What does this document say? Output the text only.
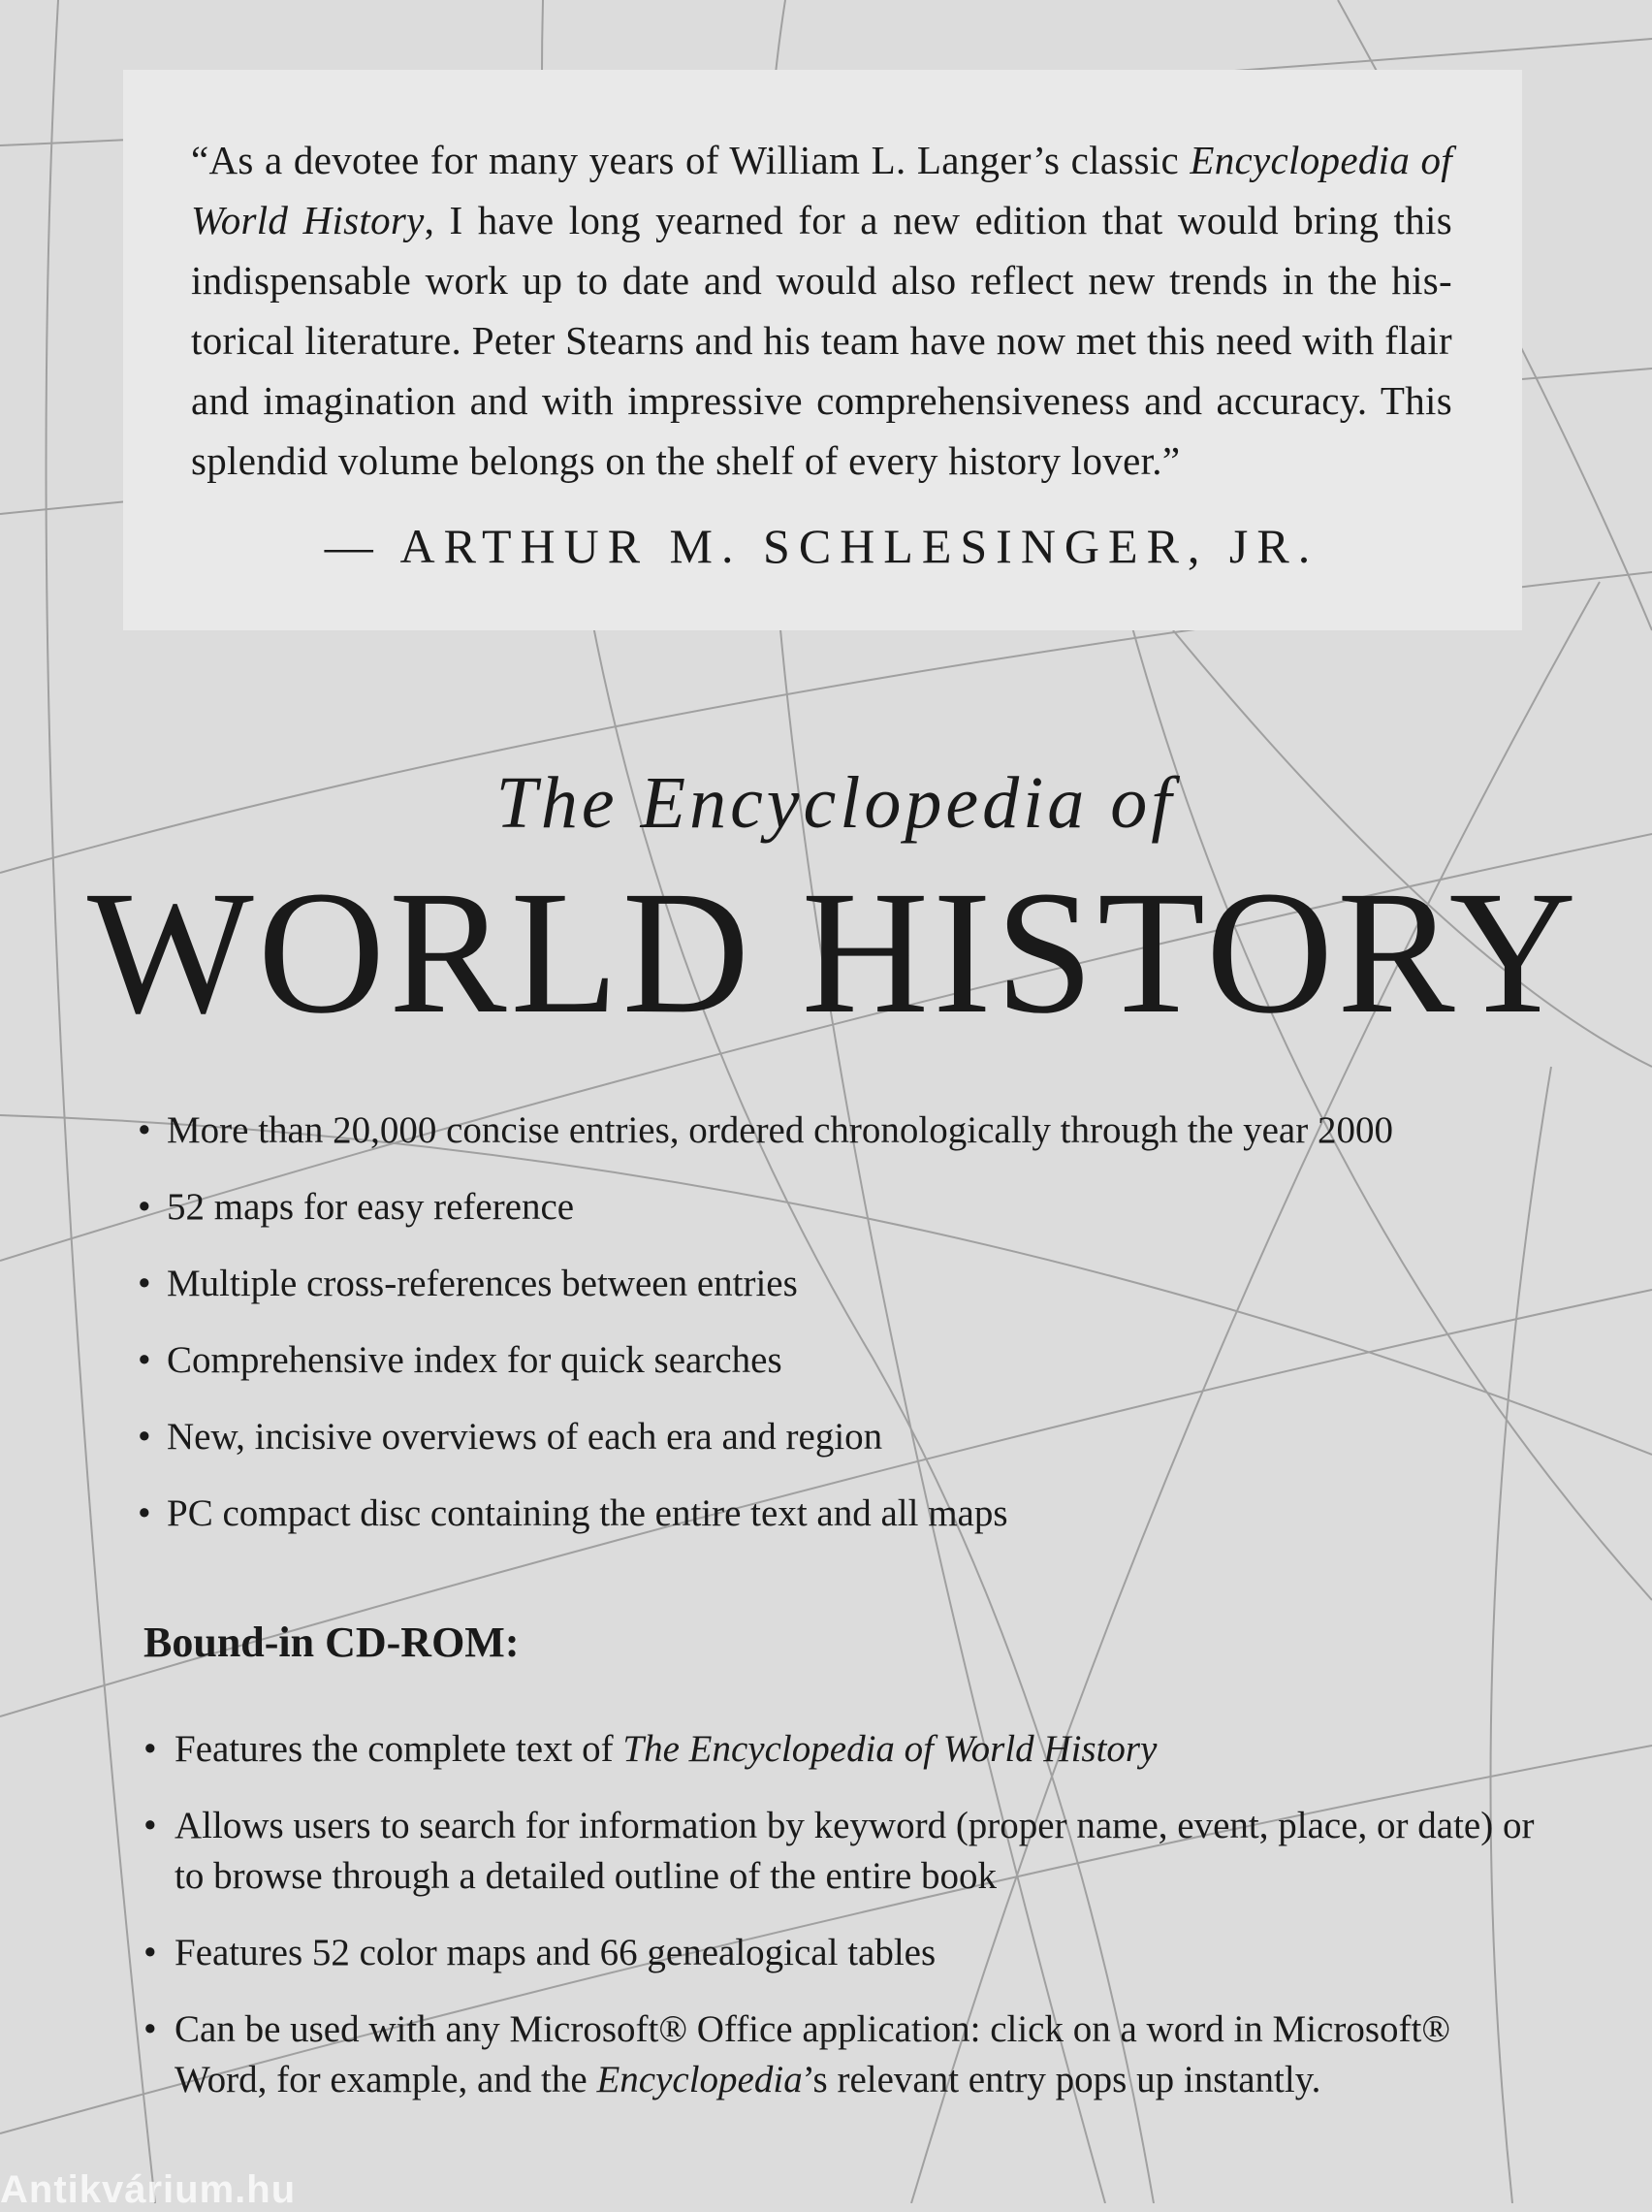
“As a devotee for many years of William L. Langer’s classic Encyclopedia of World History, I have long yearned for a new edition that would bring this indispensable work up to date and would also reflect new trends in the his-torical literature. Peter Stearns and his team have now met this need with flair and imagination and with impressive comprehensiveness and accuracy. This splendid volume belongs on the shelf of every history lover.”

— ARTHUR M. SCHLESINGER, JR.
The Encyclopedia of
WORLD HISTORY
• More than 20,000 concise entries, ordered chronologically through the year 2000
• 52 maps for easy reference
• Multiple cross-references between entries
• Comprehensive index for quick searches
• New, incisive overviews of each era and region
• PC compact disc containing the entire text and all maps
Bound-in CD-ROM:
• Features the complete text of The Encyclopedia of World History
• Allows users to search for information by keyword (proper name, event, place, or date) or to browse through a detailed outline of the entire book
• Features 52 color maps and 66 genealogical tables
• Can be used with any Microsoft® Office application: click on a word in Microsoft® Word, for example, and the Encyclopedia’s relevant entry pops up instantly.
Antikvárium.hu
